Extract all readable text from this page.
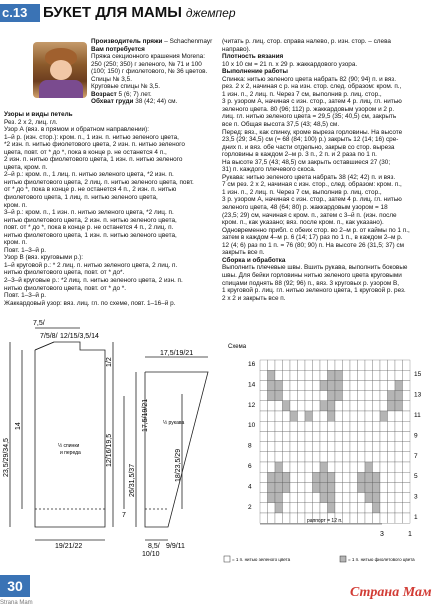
с.13	БУКЕТ ДЛЯ МАМЫ джемпер

Производитель пряжи – Schachenmayr

Вам потребуется

Пряжа секционного крашения Morena:

250 (250; 350) г зеленого, № 71 и 100

(100; 150) г фиолетового, № 36 цветов.

Спицы № 3,5.

Круговые спицы № 3,5.

Возраст 5 (6; 7) лет.

Обхват груди 38 (42; 44) см.

Узоры и виды петель

Рез. 2 х 2, лиц. гл.

Узор А (вяз. в прямом и обратном направлении):

1–й р. (изн. стор.): кром. п., 1 изн. п. нитью зеленого цвета,

*2 изн. п. нитью фиолетового цвета, 2 изн. п. нитью зеленого

цвета, повт. от * до *, пока в конце р. не останется 4 п.,

2 изн. п. нитью фиолетового цвета, 1 изн. п. нитью зеленого

цвета, кром. п.

2–й р.: кром. п., 1 лиц. п. нитью зеленого цвета, *2 изн. п.

нитью фиолетового цвета, 2 лиц. п. нитью зеленого цвета, повт.

от * до *, пока в конце р. не останется 4 п., 2 изн. п. нитью

фиолетового цвета, 1 лиц. п. нитью зеленого цвета,

кром. п.

3–й р.: кром. п., 1 изн. п. нитью зеленого цвета, *2 лиц. п.

нитью фиолетового цвета, 2 изн. п. нитью зеленого цвета,

повт. от * до *, пока в конце р. не останется 4 п., 2 лиц. п.

нитью фиолетового цвета, 1 изн. п. нитью зеленого цвета,

кром. п.

Повт. 1–3–й р.

Узор В (вяз. круговыми р.):

1–й круговой р.: * 2 лиц. п. нитью зеленого цвета, 2 лиц. п.

нитью фиолетового цвета, повт. от * до*.

2–3–й круговые р.: *2 лиц. п. нитью зеленого цвета, 2 изн. п.

нитью фиолетового цвета, повт. от * до *.

Повт. 1–3–й р.

Жаккардовый узор: вяз. лиц. гл. по схеме, повт. 1–16–й р.

(читать р. лиц. стор. справа налево, р. изн. стор. – слева

направо).

Плотность вязания

10 х 10 см = 21 п. х 29 р. жаккардового узора.

Выполнение работы

Спинка: нитью зеленого цвета набрать 82 (90; 94) п. и вяз.

рез. 2 х 2, начиная с р. на изн. стор. след. образом: кром. п.,

1 изн. п., 2 лиц. п. Через 7 см, выполнив р. лиц. стор.,

3 р. узором А, начиная с изн. стор., затем 4 р. лиц. гл. нитью

зеленого цвета. 80 (96; 112) р. жаккардовым узором и 2 р.

лиц. гл. нитью зеленого цвета = 29,5 (35; 40,5) см, закрыть

все п. Общая высота 37,5 (43; 48,5) см.

Перед: вяз., как спинку, кроме выреза горловины. На высоте

23,5 (29; 34,5) см (= 68 (84; 100) р.) закрыть 12 (14; 16) сре-

дних п. и вяз. обе части отдельно, закрыв со стор. выреза

горловины в каждом 2–м р. 3 п., 2 п. и 2 раза по 1 п.

На высоте 37,5 (43; 48,5) см закрыть оставшиеся 27 (30;

31) п. каждого плечевого скоса.

Рукава: нитью зеленого цвета набрать 38 (42; 42) п. и вяз.

7 см рез. 2 х 2, начиная с изн. стор., след. образом: кром. п.,

1 изн. п., 2 лиц. п. Через 7 см, выполнив р. лиц. стор.,

3 р. узором А, начиная с изн. стор., затем 4 р. лиц. гл. нитью

зеленого цвета, 48 (64; 80) р. жаккардовым узором = 18

(23,5; 29) см, начиная с кром. п., затем с 3–й п. (изн. после

кром. п., как указано; вяз. после кром. п., как указано).

Одновременно прибл. с обеих стор. во 2–м р. от каймы по 1 п.,

затем в каждом 4–м р. 6 (14; 17) раз по 1 п., в каждом 2–м р.

12 (4; 6) раз по 1 п. = 76 (80; 90) п. На высоте 26 (31,5; 37) см

закрыть все п.

Сборка и обработка

Выполнить плечевые швы. Вшить рукава, выполнить боковые

швы. Для бейки горловины нитью зеленого цвета круговыми

спицами поднять 88 (92; 96) п., вяз. 3 круговых р. узором В,

1 круговой р. лиц. гл. нитью зеленого цвета, 1 круговой р. рез.

2 х 2 и закрыть все п.

7,5/
7/5/8/ 12/15/3,5/14
23,5/29/34,5
14
12/16/19,5
1/2
7
19/21/22
½ спинки
и переда
17,5/19/21
26/31,5/37
17,5/19/21
18/23,5/29
½ рукава
8,5/ 9/9/11
10/10
Схема
16
14
12
10
8
6
4
2
15
13
11
9
7
5
3
1
раппорт = 12 п.
3	1
= 1 п. нитью зеленого цвета	= 1 п. нитью фиолетового цвета
30
Strana Mam
Страна Мам
